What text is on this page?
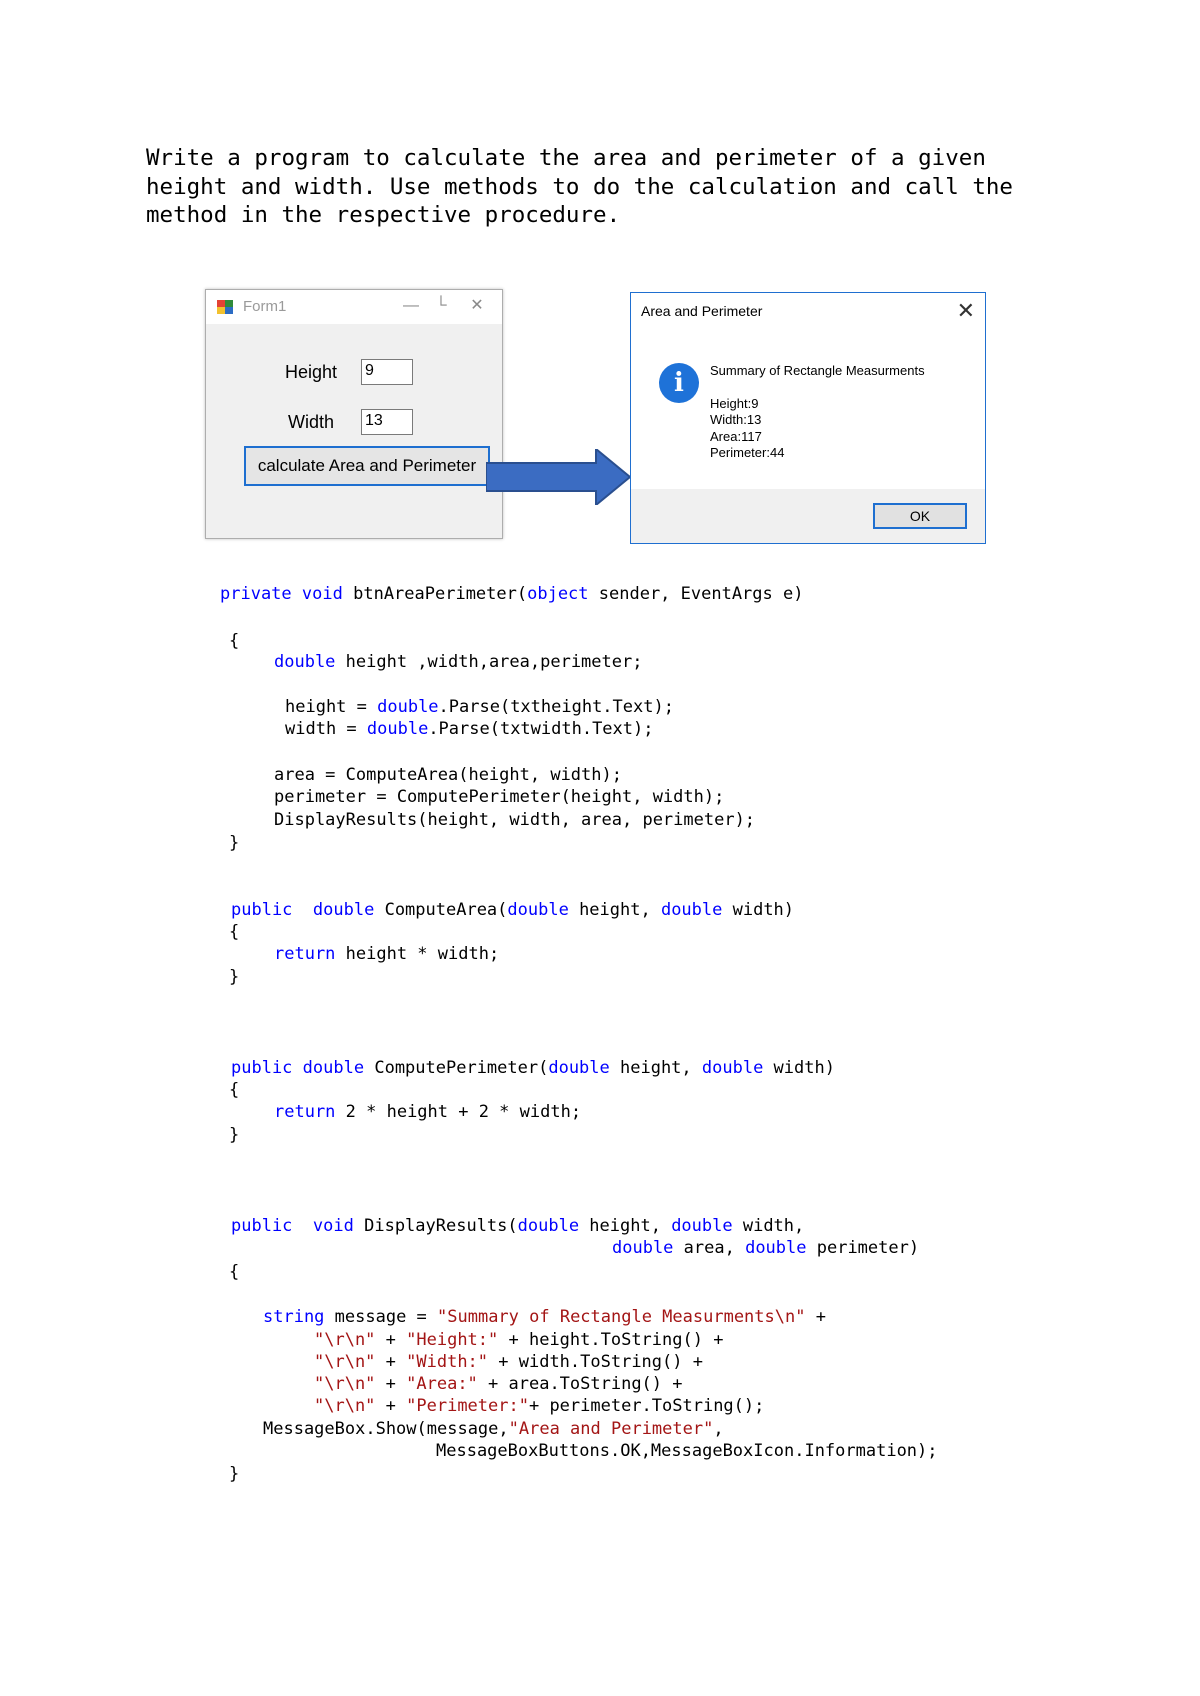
Write a program to calculate the area and perimeter of a given
height and width. Use methods to do the calculation and call the
method in the respective procedure.
Form1	—	└	✕
Height 9
Width 13
calculate Area and Perimeter
Area and Perimeter	✕
i	Summary of Rectangle Measurments
Height:9
Width:13
Area:117
Perimeter:44
OK
private void btnAreaPerimeter(object sender, EventArgs e)
{
double height ,width,area,perimeter;
height = double.Parse(txtheight.Text);
width = double.Parse(txtwidth.Text);
area = ComputeArea(height, width);
perimeter = ComputePerimeter(height, width);
DisplayResults(height, width, area, perimeter);
}
public double ComputeArea(double height, double width)
{
return height * width;
}
public double ComputePerimeter(double height, double width)
{
return 2 * height + 2 * width;
}
public void DisplayResults(double height, double width,
double area, double perimeter)
{
string message = "Summary of Rectangle Measurments\n" +
"\r\n" + "Height:" + height.ToString() +
"\r\n" + "Width:" + width.ToString() +
"\r\n" + "Area:" + area.ToString() +
"\r\n" + "Perimeter:"+ perimeter.ToString();
MessageBox.Show(message,"Area and Perimeter",
MessageBoxButtons.OK,MessageBoxIcon.Information);
}
